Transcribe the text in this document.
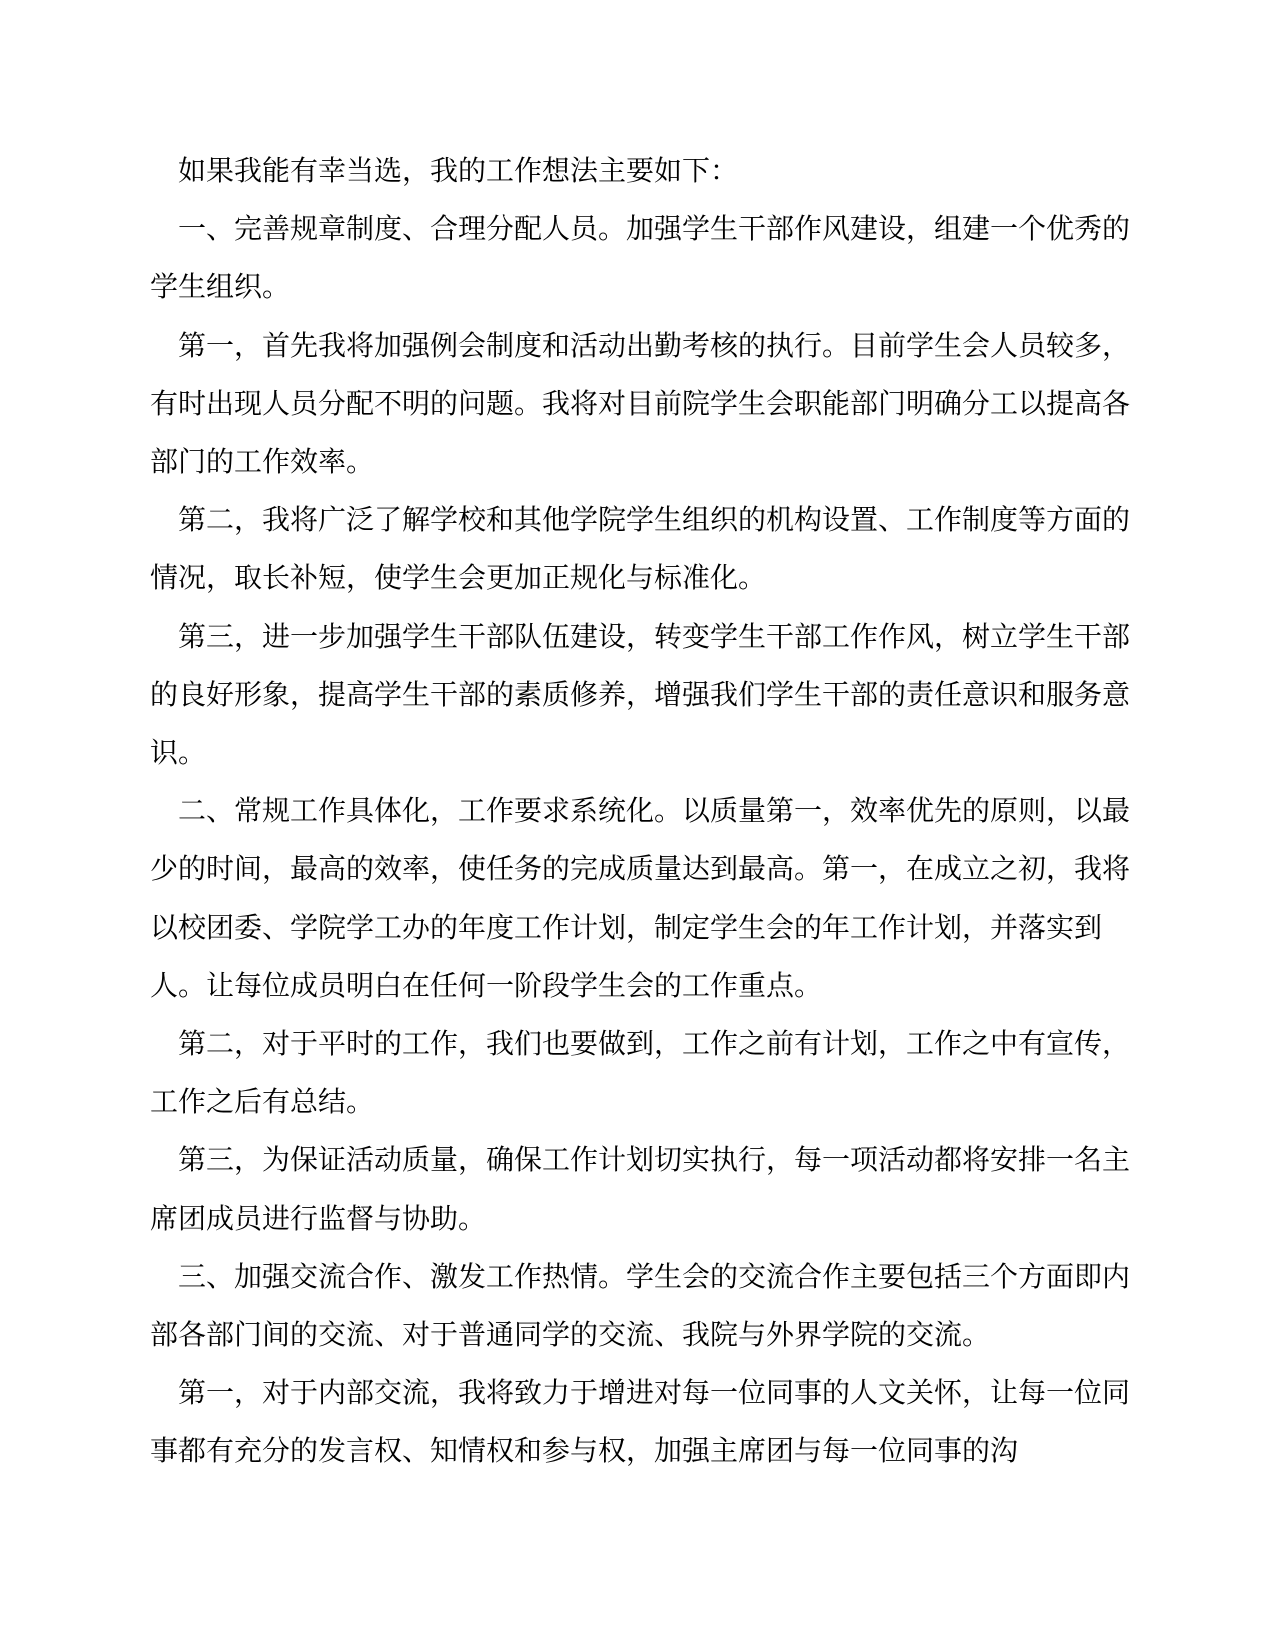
如果我能有幸当选，我的工作想法主要如下：

一、完善规章制度、合理分配人员。加强学生干部作风建设，组建一个优秀的学生组织。

第一，首先我将加强例会制度和活动出勤考核的执行。目前学生会人员较多，有时出现人员分配不明的问题。我将对目前院学生会职能部门明确分工以提高各部门的工作效率。

第二，我将广泛了解学校和其他学院学生组织的机构设置、工作制度等方面的情况，取长补短，使学生会更加正规化与标准化。

第三，进一步加强学生干部队伍建设，转变学生干部工作作风，树立学生干部的良好形象，提高学生干部的素质修养，增强我们学生干部的责任意识和服务意识。

二、常规工作具体化，工作要求系统化。以质量第一，效率优先的原则，以最少的时间，最高的效率，使任务的完成质量达到最高。第一，在成立之初，我将以校团委、学院学工办的年度工作计划，制定学生会的年工作计划，并落实到人。让每位成员明白在任何一阶段学生会的工作重点。

第二，对于平时的工作，我们也要做到，工作之前有计划，工作之中有宣传，工作之后有总结。

第三，为保证活动质量，确保工作计划切实执行，每一项活动都将安排一名主席团成员进行监督与协助。

三、加强交流合作、激发工作热情。学生会的交流合作主要包括三个方面即内部各部门间的交流、对于普通同学的交流、我院与外界学院的交流。

第一，对于内部交流，我将致力于增进对每一位同事的人文关怀，让每一位同事都有充分的发言权、知情权和参与权，加强主席团与每一位同事的沟
